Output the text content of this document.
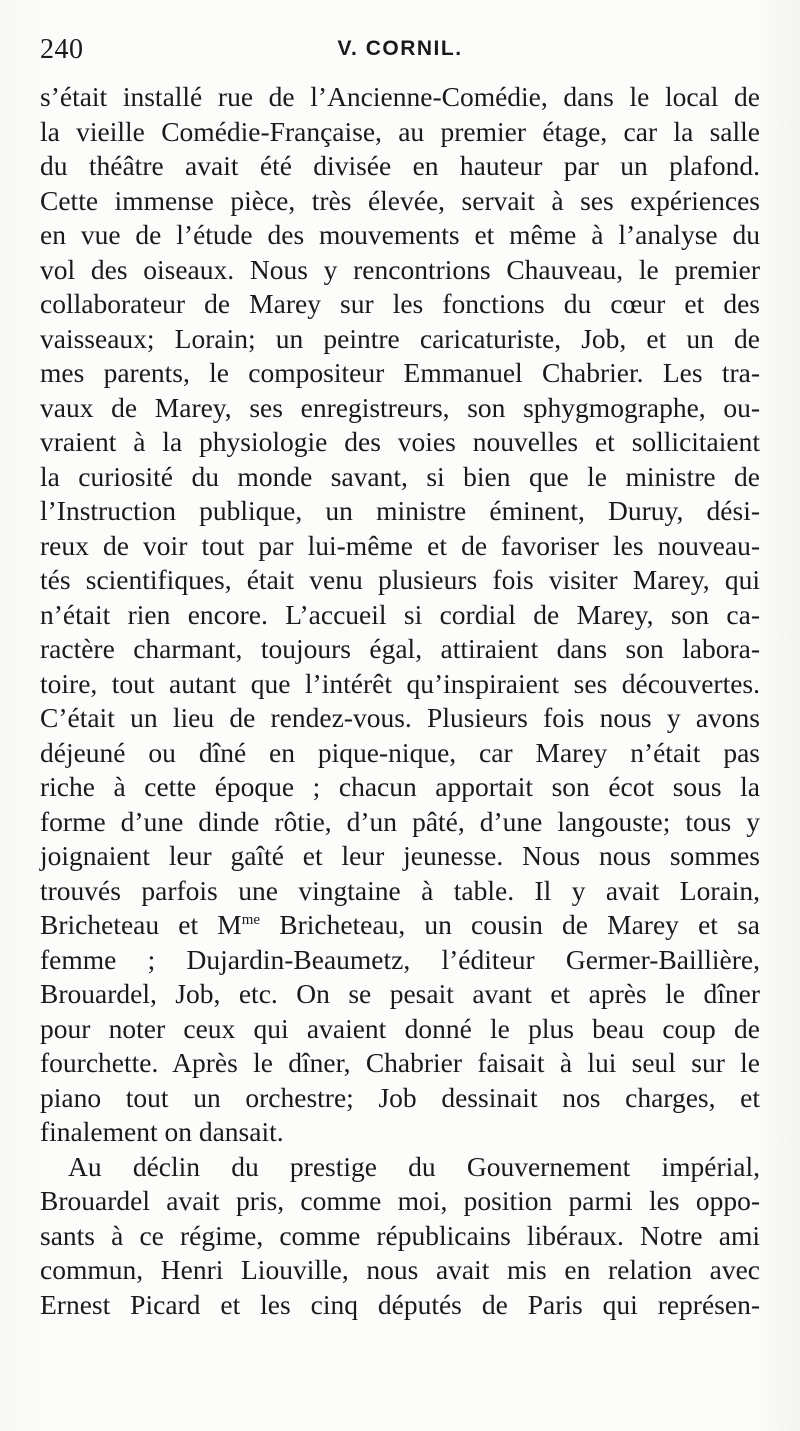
240	V. CORNIL.
s’était installé rue de l’Ancienne-Comédie, dans le local de
la vieille Comédie-Française, au premier étage, car la salle
du théâtre avait été divisée en hauteur par un plafond.
Cette immense pièce, très élevée, servait à ses expériences
en vue de l’étude des mouvements et même à l’analyse du
vol des oiseaux. Nous y rencontrions Chauveau, le premier
collaborateur de Marey sur les fonctions du cœur et des
vaisseaux; Lorain; un peintre caricaturiste, Job, et un de
mes parents, le compositeur Emmanuel Chabrier. Les tra-
vaux de Marey, ses enregistreurs, son sphygmographe, ou-
vraient à la physiologie des voies nouvelles et sollicitaient
la curiosité du monde savant, si bien que le ministre de
l’Instruction publique, un ministre éminent, Duruy, dési-
reux de voir tout par lui-même et de favoriser les nouveau-
tés scientifiques, était venu plusieurs fois visiter Marey, qui
n’était rien encore. L’accueil si cordial de Marey, son ca-
ractère charmant, toujours égal, attiraient dans son labora-
toire, tout autant que l’intérêt qu’inspiraient ses découvertes.
C’était un lieu de rendez-vous. Plusieurs fois nous y avons
déjeuné ou dîné en pique-nique, car Marey n’était pas
riche à cette époque ; chacun apportait son écot sous la
forme d’une dinde rôtie, d’un pâté, d’une langouste; tous y
joignaient leur gaîté et leur jeunesse. Nous nous sommes
trouvés parfois une vingtaine à table. Il y avait Lorain,
Bricheteau et $M^{me}$ Bricheteau, un cousin de Marey et sa
femme ; Dujardin-Beaumetz, l’éditeur Germer-Baillière,
Brouardel, Job, etc. On se pesait avant et après le dîner
pour noter ceux qui avaient donné le plus beau coup de
fourchette. Après le dîner, Chabrier faisait à lui seul sur le
piano tout un orchestre; Job dessinait nos charges, et
finalement on dansait.
Au déclin du prestige du Gouvernement impérial,
Brouardel avait pris, comme moi, position parmi les oppo-
sants à ce régime, comme républicains libéraux. Notre ami
commun, Henri Liouville, nous avait mis en relation avec
Ernest Picard et les cinq députés de Paris qui représen-
